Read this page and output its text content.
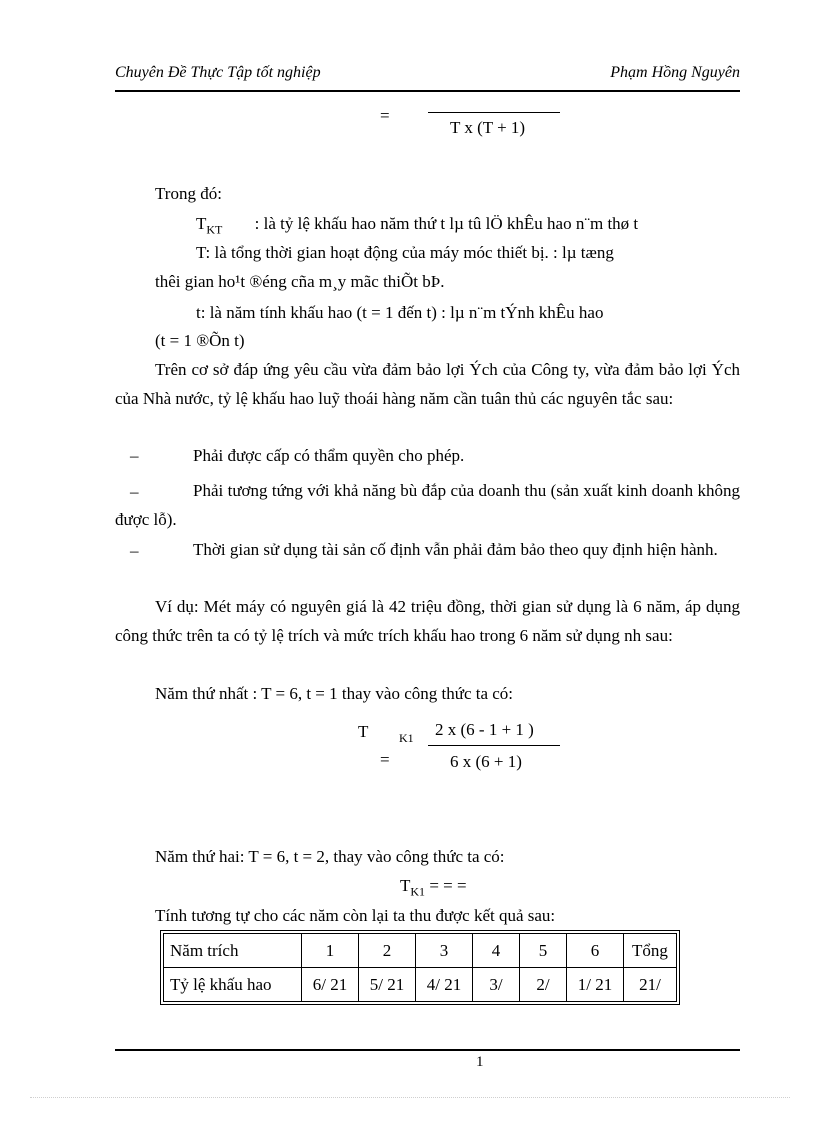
Chuyên Đề Thực Tập tốt nghiệp	Phạm Hồng Nguyên
=
T x (T + 1)
Trong đó:
$T_{KT}$ : là tỷ lệ khấu hao năm thứ t lµ tû lÖ khÊu hao n¨m thø t
T: là tổng thời gian hoạt động của máy móc thiết bị. : lµ tæng
thêi gian ho¹t ®éng cña m¸y mãc thiÕt bÞ.
t: là năm tính khấu hao (t = 1 đến t) : lµ n¨m tÝnh khÊu hao
(t = 1 ®Õn t)
Trên cơ sở đáp ứng yêu cầu vừa đảm bảo lợi Ých của Công ty, vừa đảm bảo lợi Ých của Nhà nước, tỷ lệ khấu hao luỹ thoái hàng năm cần tuân thủ các nguyên tắc sau:
–	Phải được cấp có thẩm quyền cho phép.
–	Phải tương tứng với khả năng bù đắp của doanh thu (sản xuất kinh doanh không được lỗ).
–	Thời gian sử dụng tài sản cố định vẫn phải đảm bảo theo quy định hiện hành.
Ví dụ: Mét máy có nguyên giá là 42 triệu đồng, thời gian sử dụng là 6 năm, áp dụng công thức trên ta có tỷ lệ trích và mức trích khấu hao trong 6 năm sử dụng nh sau:
Năm thứ nhất : T = 6, t = 1 thay vào công thức ta có:
T	K1
=
2 x (6 - 1 + 1 )
6 x (6 + 1)
Năm thứ hai: T = 6, t = 2, thay vào công thức ta có:
$T_{K1}$ = = =
Tính tương tự cho các năm còn lại ta thu được kết quả sau:
Năm trích	1	2	3	4	5	6	Tổng
Tỷ lệ khấu hao	6/ 21	5/ 21	4/ 21	3/	2/	1/ 21	21/
1
